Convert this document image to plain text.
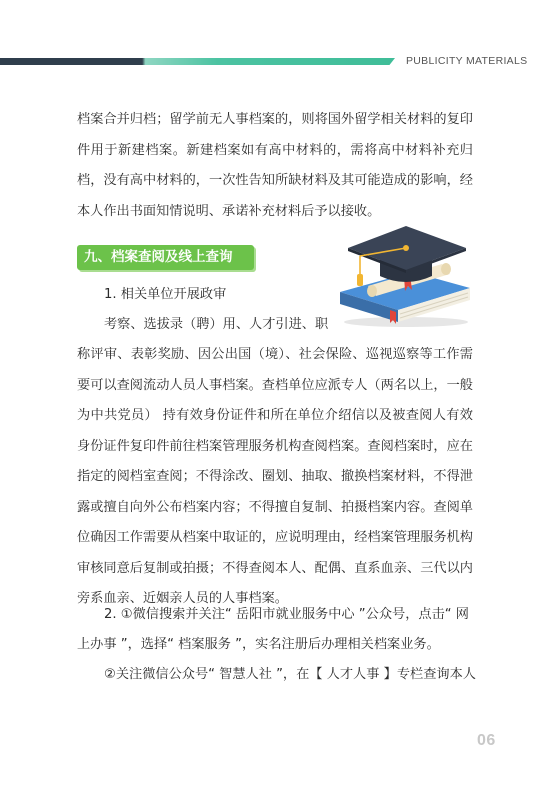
PUBLICITY MATERIALS

档案合并归档；留学前无人事档案的，则将国外留学相关材料的复印件用于新建档案。新建档案如有高中材料的，需将高中材料补充归档，没有高中材料的，一次性告知所缺材料及其可能造成的影响，经本人作出书面知情说明、承诺补充材料后予以接收。

九、档案查阅及线上查询

1. 相关单位开展政审

考察、选拔录（聘）用、人才引进、职

称评审、表彰奖励、因公出国（境）、社会保险、巡视巡察等工作需要可以查阅流动人员人事档案。查档单位应派专人（两名以上，一般为中共党员） 持有效身份证件和所在单位介绍信以及被查阅人有效身份证件复印件前往档案管理服务机构查阅档案。查阅档案时，应在指定的阅档室查阅；不得涂改、圈划、抽取、撤换档案材料，不得泄露或擅自向外公布档案内容；不得擅自复制、拍摄档案内容。查阅单位确因工作需要从档案中取证的，应说明理由，经档案管理服务机构审核同意后复制或拍摄；不得查阅本人、配偶、直系血亲、三代以内旁系血亲、近姻亲人员的人事档案。

2. ①微信搜索并关注“ 岳阳市就业服务中心 ”公众号，点击“ 网

上办事 ”，选择“ 档案服务 ”，实名注册后办理相关档案业务。

②关注微信公众号“ 智慧人社 ”，在【 人才人事 】专栏查询本人

06
